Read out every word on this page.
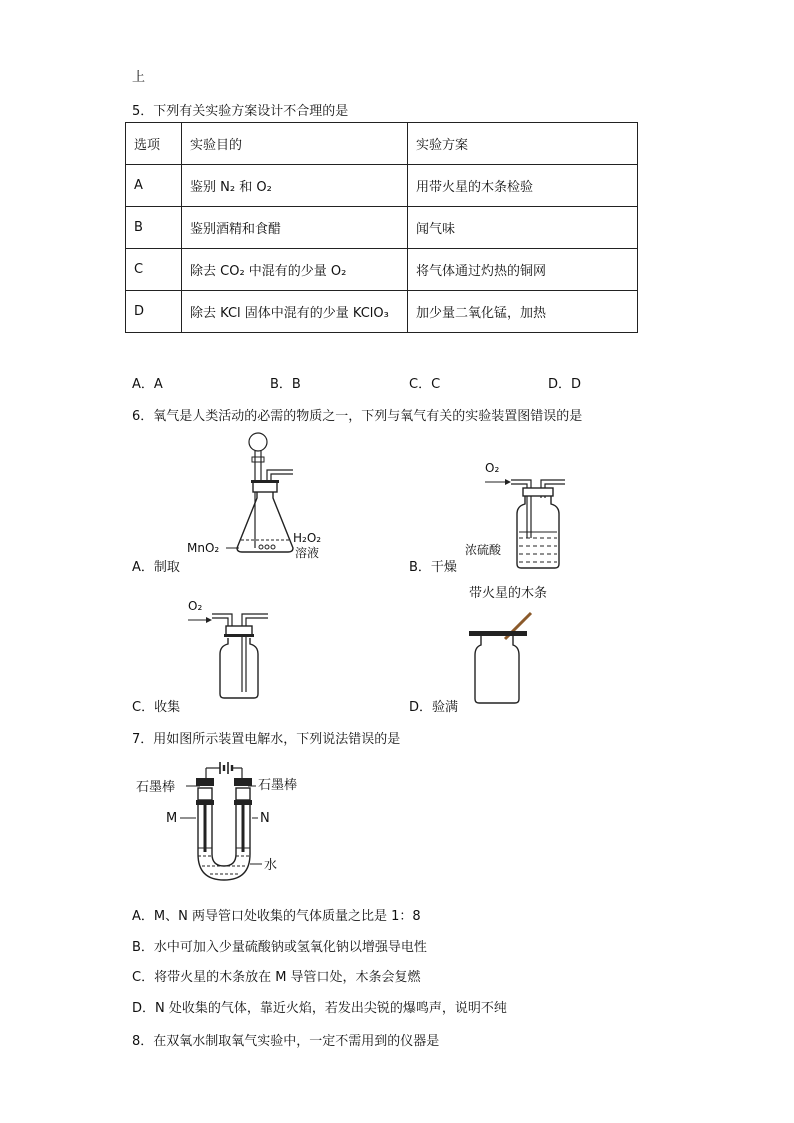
上
5．下列有关实验方案设计不合理的是
选项	实验目的	实验方案
A	鉴别 N₂ 和 O₂	用带火星的木条检验
B	鉴别酒精和食醋	闻气味
C	除去 CO₂ 中混有的少量 O₂	将气体通过灼热的铜网
D	除去 KCl 固体中混有的少量 KClO₃	加少量二氧化锰，加热
A．A	B．B	C．C	D．D
6．氧气是人类活动的必需的物质之一，下列与氧气有关的实验装置图错误的是
MnO₂
H₂O₂
溶液
A．制取
O₂
浓硫酸
B．干燥
O₂
C．收集
带火星的木条
D．验满
7．用如图所示装置电解水，下列说法错误的是
石墨棒	石墨棒
M	N
水
A．M、N 两导管口处收集的气体质量之比是 1：8
B．水中可加入少量硫酸钠或氢氧化钠以增强导电性
C．将带火星的木条放在 M 导管口处，木条会复燃
D．N 处收集的气体，靠近火焰，若发出尖锐的爆鸣声，说明不纯
8．在双氧水制取氧气实验中，一定不需用到的仪器是
